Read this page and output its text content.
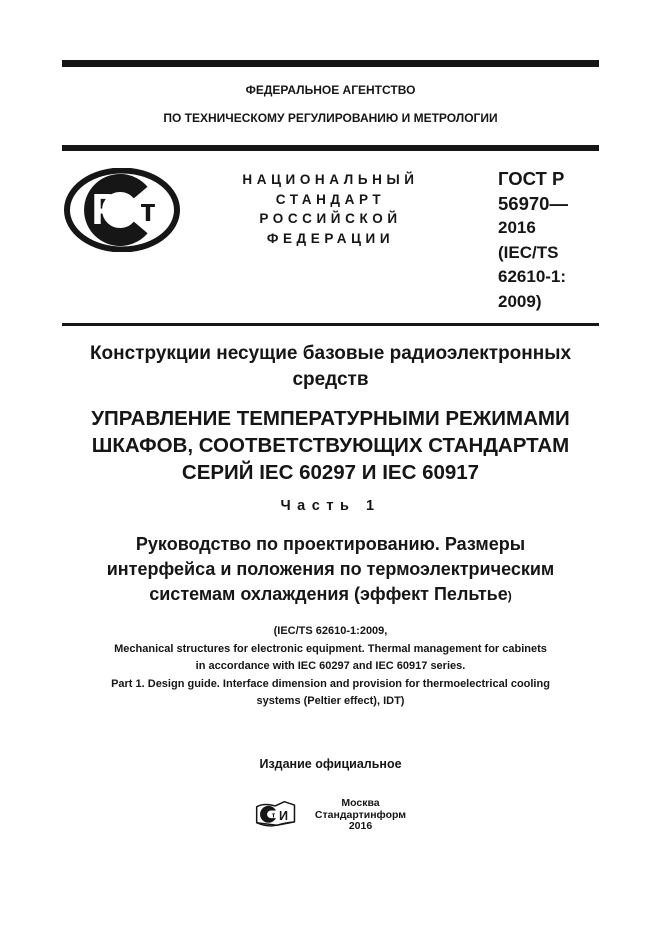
ФЕДЕРАЛЬНОЕ АГЕНТСТВО
ПО ТЕХНИЧЕСКОМУ РЕГУЛИРОВАНИЮ И МЕТРОЛОГИИ
Р т
НАЦИОНАЛЬНЫЙ
СТАНДАРТ
РОССИЙСКОЙ
ФЕДЕРАЦИИ
ГОСТ Р
56970—
2016
(IEC/TS
62610-1:
2009)
Конструкции несущие базовые радиоэлектронных
средств
УПРАВЛЕНИЕ ТЕМПЕРАТУРНЫМИ РЕЖИМАМИ
ШКАФОВ, СООТВЕТСТВУЮЩИХ СТАНДАРТАМ
СЕРИЙ IEC 60297 И IEC 60917
Часть 1
Руководство по проектированию. Размеры
интерфейса и положения по термоэлектрическим
системам охлаждения (эффект Пельтье)
(IEC/TS 62610-1:2009,
Mechanical structures for electronic equipment. Thermal management for cabinets
in accordance with IEC 60297 and IEC 60917 series.
Part 1. Design guide. Interface dimension and provision for thermoelectrical cooling
systems (Peltier effect), IDT)
Издание официальное
т И
Москва
Стандартинформ
2016
